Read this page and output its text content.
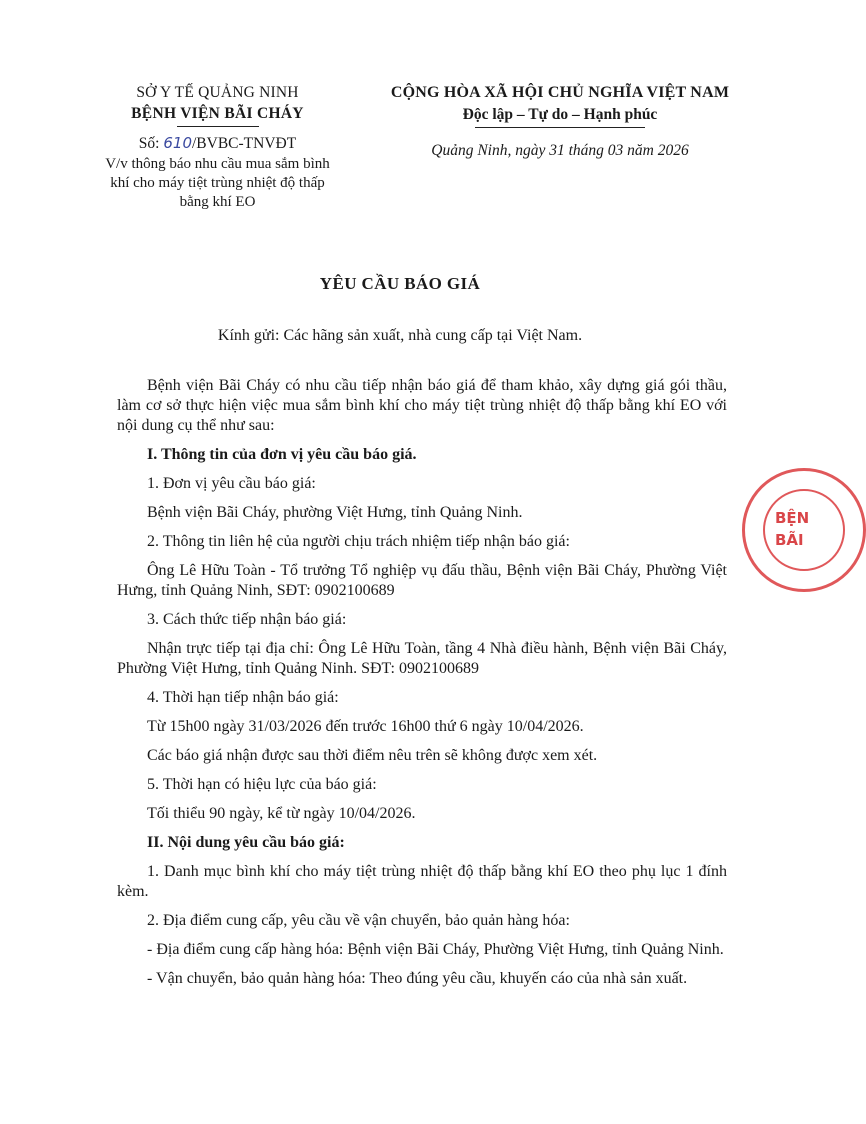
SỞ Y TẾ QUẢNG NINH
BỆNH VIỆN BÃI CHÁY
Số: 610/BVBC-TNVĐT
V/v thông báo nhu cầu mua sắm bình khí cho máy tiệt trùng nhiệt độ thấp bằng khí EO
CỘNG HÒA XÃ HỘI CHỦ NGHĨA VIỆT NAM
Độc lập – Tự do – Hạnh phúc
Quảng Ninh, ngày 31 tháng 03 năm 2026
YÊU CẦU BÁO GIÁ
Kính gửi: Các hãng sản xuất, nhà cung cấp tại Việt Nam.

Bệnh viện Bãi Cháy có nhu cầu tiếp nhận báo giá để tham khảo, xây dựng giá gói thầu, làm cơ sở thực hiện việc mua sắm bình khí cho máy tiệt trùng nhiệt độ thấp bằng khí EO với nội dung cụ thể như sau:

I. Thông tin của đơn vị yêu cầu báo giá.

1. Đơn vị yêu cầu báo giá:

Bệnh viện Bãi Cháy, phường Việt Hưng, tỉnh Quảng Ninh.

2. Thông tin liên hệ của người chịu trách nhiệm tiếp nhận báo giá:

Ông Lê Hữu Toàn - Tổ trưởng Tổ nghiệp vụ đấu thầu, Bệnh viện Bãi Cháy, Phường Việt Hưng, tỉnh Quảng Ninh, SĐT: 0902100689

3. Cách thức tiếp nhận báo giá:

Nhận trực tiếp tại địa chỉ: Ông Lê Hữu Toàn, tầng 4 Nhà điều hành, Bệnh viện Bãi Cháy, Phường Việt Hưng, tỉnh Quảng Ninh. SĐT: 0902100689

4. Thời hạn tiếp nhận báo giá:

Từ 15h00 ngày 31/03/2026 đến trước 16h00 thứ 6 ngày 10/04/2026.

Các báo giá nhận được sau thời điểm nêu trên sẽ không được xem xét.

5. Thời hạn có hiệu lực của báo giá:

Tối thiểu 90 ngày, kể từ ngày 10/04/2026.

II. Nội dung yêu cầu báo giá:

1. Danh mục bình khí cho máy tiệt trùng nhiệt độ thấp bằng khí EO theo phụ lục 1 đính kèm.

2. Địa điểm cung cấp, yêu cầu về vận chuyển, bảo quản hàng hóa:

- Địa điểm cung cấp hàng hóa: Bệnh viện Bãi Cháy, Phường Việt Hưng, tỉnh Quảng Ninh.

- Vận chuyển, bảo quản hàng hóa: Theo đúng yêu cầu, khuyến cáo của nhà sản xuất.

BỆN
BÃI
